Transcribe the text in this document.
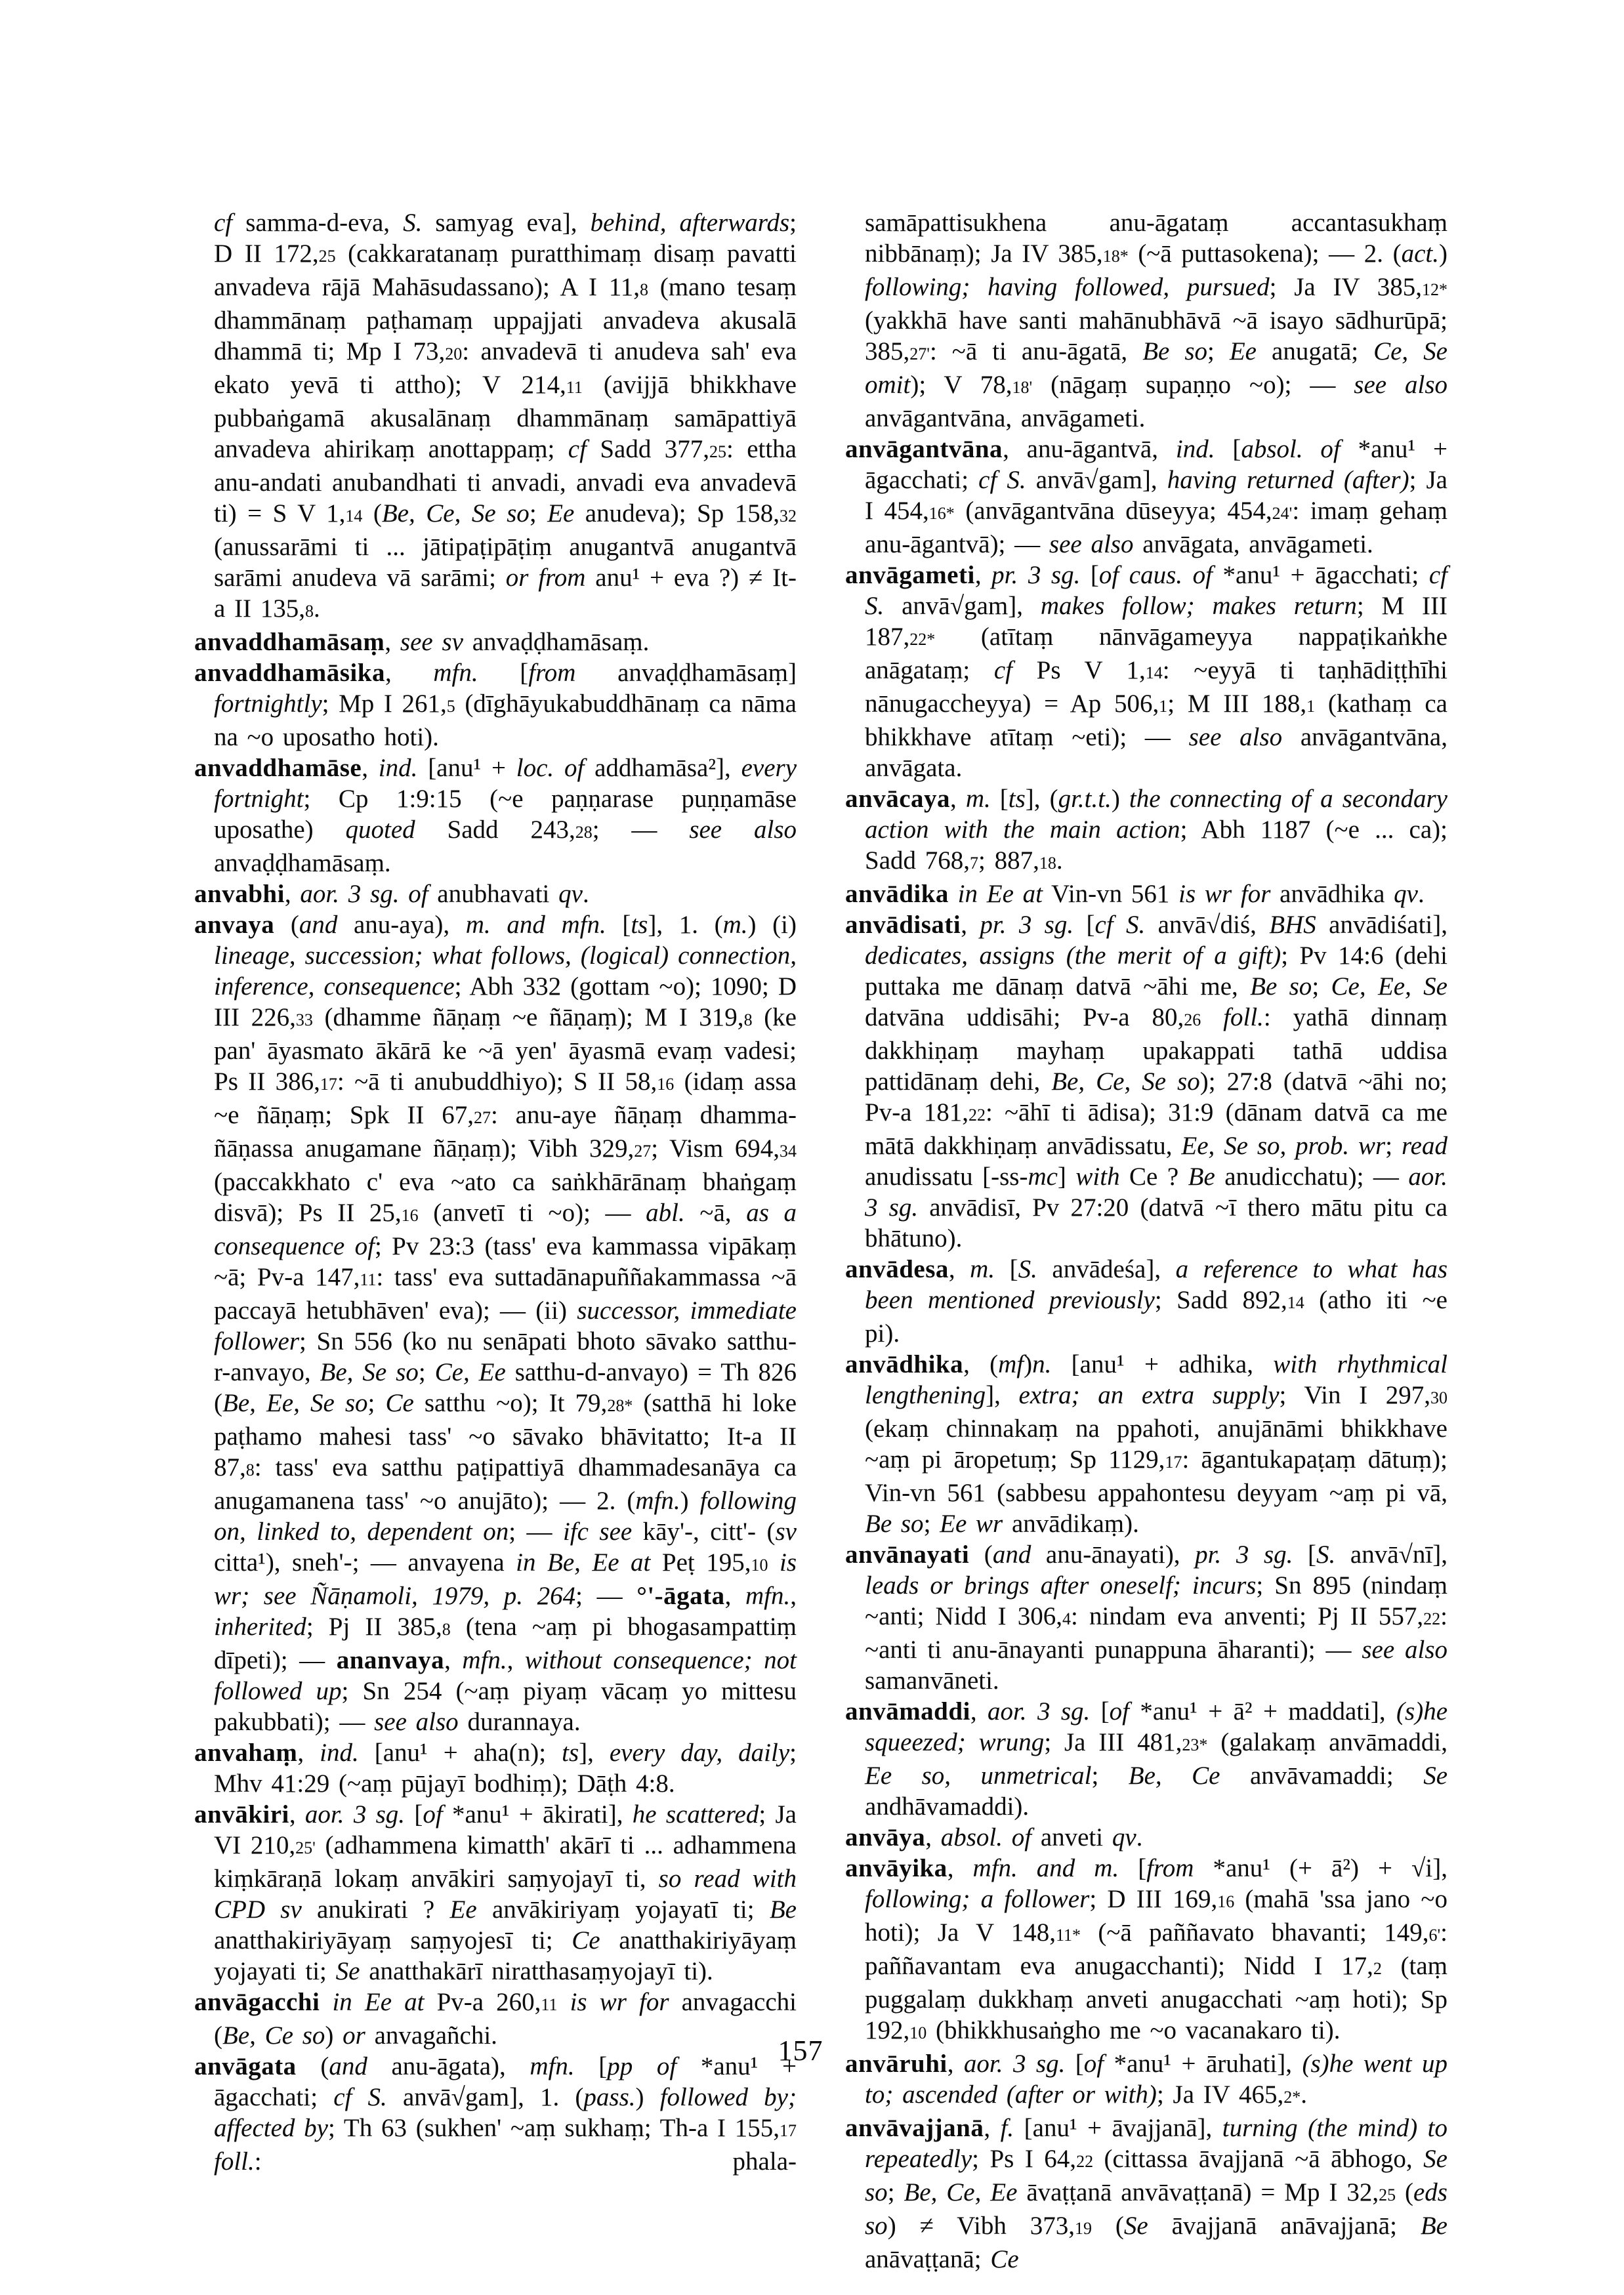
cf samma-d-eva, S. samyag eva], behind, afterwards; D II 172,25 (cakkaratanaṃ puratthimaṃ disaṃ pavatti anvadeva rājā Mahāsudassano); A I 11,8 (mano tesaṃ dhammānaṃ paṭhamaṃ uppajjati anvadeva akusalā dhammā ti; Mp I 73,20: anvadevā ti anudeva sah' eva ekato yevā ti attho); V 214,11 (avijjā bhikkhave pubbaṅgamā akusalānaṃ dhammānaṃ samāpattiyā anvadeva ahirikaṃ anottappaṃ; cf Sadd 377,25: ettha anu-andati anubandhati ti anvadi, anvadi eva anvadevā ti) = S V 1,14 (Be, Ce, Se so; Ee anudeva); Sp 158,32 (anussarāmi ti ... jātipaṭipāṭiṃ anugantvā anugantvā sarāmi anudeva vā sarāmi; or from anu¹ + eva ?) ≠ It-a II 135,8.

anvaddhamāsaṃ, see sv anvaḍḍhamāsaṃ.

anvaddhamāsika, mfn. [from anvaḍḍhamāsaṃ] fortnightly; Mp I 261,5 (dīghāyukabuddhānaṃ ca nāma na ~o uposatho hoti).

anvaddhamāse, ind. [anu¹ + loc. of addhamāsa²], every fortnight; Cp 1:9:15 (~e paṇṇarase puṇṇamāse uposathe) quoted Sadd 243,28; — see also anvaḍḍhamāsaṃ.

anvabhi, aor. 3 sg. of anubhavati qv.

anvaya (and anu-aya), m. and mfn. [ts], 1. (m.) (i) lineage, succession; what follows, (logical) connection, inference, consequence; Abh 332 (gottam ~o); 1090; D III 226,33 (dhamme ñāṇaṃ ~e ñāṇaṃ); M I 319,8 (ke pan' āyasmato ākārā ke ~ā yen' āyasmā evaṃ vadesi; Ps II 386,17: ~ā ti anubuddhiyo); S II 58,16 (idaṃ assa ~e ñāṇaṃ; Spk II 67,27: anu-aye ñāṇaṃ dhamma-ñāṇassa anugamane ñāṇaṃ); Vibh 329,27; Vism 694,34 (paccakkhato c' eva ~ato ca saṅkhārānaṃ bhaṅgaṃ disvā); Ps II 25,16 (anvetī ti ~o); — abl. ~ā, as a consequence of; Pv 23:3 (tass' eva kammassa vipākaṃ ~ā; Pv-a 147,11: tass' eva suttadānapuññakammassa ~ā paccayā hetubhāven' eva); — (ii) successor, immediate follower; Sn 556 (ko nu senāpati bhoto sāvako satthu-r-anvayo, Be, Se so; Ce, Ee satthu-d-anvayo) = Th 826 (Be, Ee, Se so; Ce satthu ~o); It 79,28* (satthā hi loke paṭhamo mahesi tass' ~o sāvako bhāvitatto; It-a II 87,8: tass' eva satthu paṭipattiyā dhammadesanāya ca anugamanena tass' ~o anujāto); — 2. (mfn.) following on, linked to, dependent on; — ifc see kāy'-, citt'- (sv citta¹), sneh'-; — anvayena in Be, Ee at Peṭ 195,10 is wr; see Ñāṇamoli, 1979, p. 264; — °'-āgata, mfn., inherited; Pj II 385,8 (tena ~aṃ pi bhogasampattiṃ dīpeti); — ananvaya, mfn., without consequence; not followed up; Sn 254 (~aṃ piyaṃ vācaṃ yo mittesu pakubbati); — see also durannaya.

anvahaṃ, ind. [anu¹ + aha(n); ts], every day, daily; Mhv 41:29 (~aṃ pūjayī bodhiṃ); Dāṭh 4:8.

anvākiri, aor. 3 sg. [of *anu¹ + ākirati], he scattered; Ja VI 210,25' (adhammena kimatth' akārī ti ... adhammena kiṃkāraṇā lokaṃ anvākiri saṃyojayī ti, so read with CPD sv anukirati ? Ee anvākiriyaṃ yojayatī ti; Be anatthakiriyāyaṃ saṃyojesī ti; Ce anatthakiriyāyaṃ yojayati ti; Se anatthakārī niratthasaṃyojayī ti).

anvāgacchi in Ee at Pv-a 260,11 is wr for anvagacchi (Be, Ce so) or anvagañchi.

anvāgata (and anu-āgata), mfn. [pp of *anu¹ + āgacchati; cf S. anvā√gam], 1. (pass.) followed by; affected by; Th 63 (sukhen' ~aṃ sukhaṃ; Th-a I 155,17 foll.: phala-

samāpattisukhena anu-āgataṃ accantasukhaṃ nibbānaṃ); Ja IV 385,18* (~ā puttasokena); — 2. (act.) following; having followed, pursued; Ja IV 385,12* (yakkhā have santi mahānubhāvā ~ā isayo sādhurūpā; 385,27': ~ā ti anu-āgatā, Be so; Ee anugatā; Ce, Se omit); V 78,18' (nāgaṃ supaṇṇo ~o); — see also anvāgantvāna, anvāgameti.

anvāgantvāna, anu-āgantvā, ind. [absol. of *anu¹ + āgacchati; cf S. anvā√gam], having returned (after); Ja I 454,16* (anvāgantvāna dūseyya; 454,24': imaṃ gehaṃ anu-āgantvā); — see also anvāgata, anvāgameti.

anvāgameti, pr. 3 sg. [of caus. of *anu¹ + āgacchati; cf S. anvā√gam], makes follow; makes return; M III 187,22* (atītaṃ nānvāgameyya nappaṭikaṅkhe anāgataṃ; cf Ps V 1,14: ~eyyā ti taṇhādiṭṭhīhi nānugaccheyya) = Ap 506,1; M III 188,1 (kathaṃ ca bhikkhave atītaṃ ~eti); — see also anvāgantvāna, anvāgata.

anvācaya, m. [ts], (gr.t.t.) the connecting of a secondary action with the main action; Abh 1187 (~e ... ca); Sadd 768,7; 887,18.

anvādika in Ee at Vin-vn 561 is wr for anvādhika qv.

anvādisati, pr. 3 sg. [cf S. anvā√diś, BHS anvādiśati], dedicates, assigns (the merit of a gift); Pv 14:6 (dehi puttaka me dānaṃ datvā ~āhi me, Be so; Ce, Ee, Se datvāna uddisāhi; Pv-a 80,26 foll.: yathā dinnaṃ dakkhiṇaṃ mayhaṃ upakappati tathā uddisa pattidānaṃ dehi, Be, Ce, Se so); 27:8 (datvā ~āhi no; Pv-a 181,22: ~āhī ti ādisa); 31:9 (dānam datvā ca me mātā dakkhiṇaṃ anvādissatu, Ee, Se so, prob. wr; read anudissatu [-ss-mc] with Ce ? Be anudicchatu); — aor. 3 sg. anvādisī, Pv 27:20 (datvā ~ī thero mātu pitu ca bhātuno).

anvādesa, m. [S. anvādeśa], a reference to what has been mentioned previously; Sadd 892,14 (atho iti ~e pi).

anvādhika, (mf)n. [anu¹ + adhika, with rhythmical lengthening], extra; an extra supply; Vin I 297,30 (ekaṃ chinnakaṃ na ppahoti, anujānāmi bhikkhave ~aṃ pi āropetuṃ; Sp 1129,17: āgantukapaṭaṃ dātuṃ); Vin-vn 561 (sabbesu appahontesu deyyam ~aṃ pi vā, Be so; Ee wr anvādikaṃ).

anvānayati (and anu-ānayati), pr. 3 sg. [S. anvā√nī], leads or brings after oneself; incurs; Sn 895 (nindaṃ ~anti; Nidd I 306,4: nindam eva anventi; Pj II 557,22: ~anti ti anu-ānayanti punappuna āharanti); — see also samanvāneti.

anvāmaddi, aor. 3 sg. [of *anu¹ + ā² + maddati], (s)he squeezed; wrung; Ja III 481,23* (galakaṃ anvāmaddi, Ee so, unmetrical; Be, Ce anvāvamaddi; Se andhāvamaddi).

anvāya, absol. of anveti qv.

anvāyika, mfn. and m. [from *anu¹ (+ ā²) + √i], following; a follower; D III 169,16 (mahā 'ssa jano ~o hoti); Ja V 148,11* (~ā paññavato bhavanti; 149,6': paññavantam eva anugacchanti); Nidd I 17,2 (taṃ puggalaṃ dukkhaṃ anveti anugacchati ~aṃ hoti); Sp 192,10 (bhikkhusaṅgho me ~o vacanakaro ti).

anvāruhi, aor. 3 sg. [of *anu¹ + āruhati], (s)he went up to; ascended (after or with); Ja IV 465,2*.

anvāvajjanā, f. [anu¹ + āvajjanā], turning (the mind) to repeatedly; Ps I 64,22 (cittassa āvajjanā ~ā ābhogo, Se so; Be, Ce, Ee āvaṭṭanā anvāvaṭṭanā) = Mp I 32,25 (eds so) ≠ Vibh 373,19 (Se āvajjanā anāvajjanā; Be anāvaṭṭanā; Ce

157
